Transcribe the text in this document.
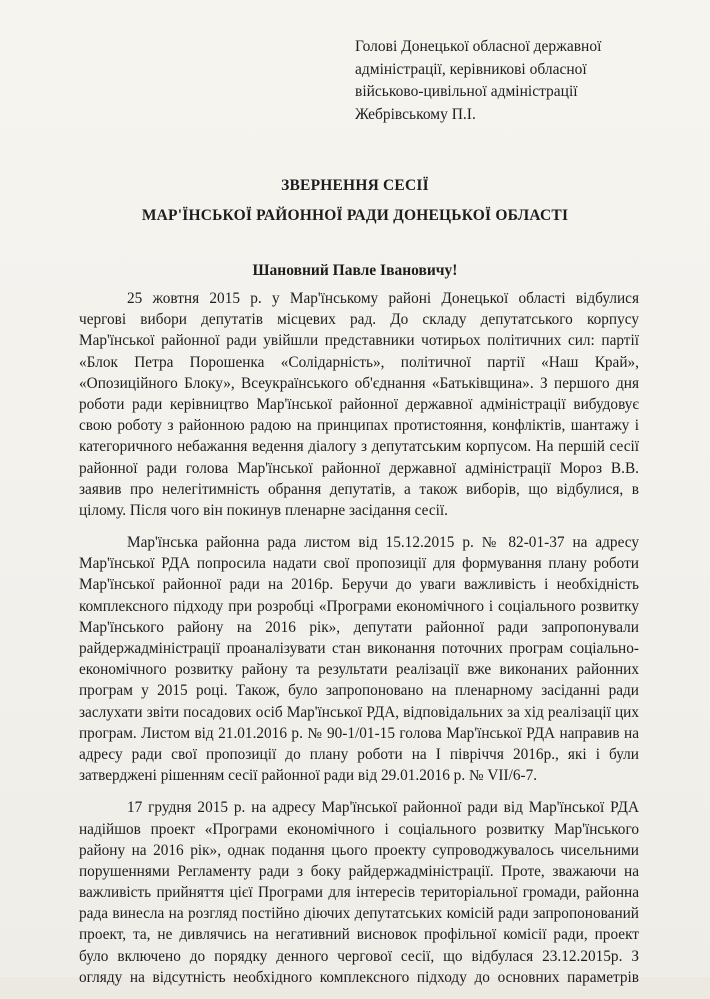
Голові Донецької обласної державної
адміністрації, керівникові обласної
військово-цивільної адміністрації
Жебрівському П.І.
ЗВЕРНЕННЯ СЕСІЇ
МАР'ЇНСЬКОЇ РАЙОННОЇ РАДИ ДОНЕЦЬКОЇ ОБЛАСТІ
Шановний Павле Івановичу!
25 жовтня 2015 р. у Мар'їнському районі Донецької області відбулися
чергові вибори депутатів місцевих рад. До складу депутатського корпусу
Мар'їнської районної ради увійшли представники чотирьох політичних сил: партії
«Блок Петра Порошенка «Солідарність», політичної партії «Наш Край»,
«Опозиційного Блоку», Всеукраїнського об'єднання «Батьківщина». З першого дня
роботи ради керівництво Мар'їнської районної державної адміністрації вибудовує
свою роботу з районною радою на принципах протистояння, конфліктів, шантажу і
категоричного небажання ведення діалогу з депутатським корпусом. На першій сесії
районної ради голова Мар'їнської районної державної адміністрації Мороз В.В.
заявив про нелегітимність обрання депутатів, а також виборів, що відбулися, в
цілому. Після чого він покинув пленарне засідання сесії.
Мар'їнська районна рада листом від 15.12.2015 р. № 82-01-37 на адресу
Мар'їнської РДА попросила надати свої пропозиції для формування плану роботи
Мар'їнської районної ради на 2016р. Беручи до уваги важливість і необхідність
комплексного підходу при розробці «Програми економічного і соціального розвитку
Мар'їнського району на 2016 рік», депутати районної ради запропонували
райдержадміністрації проаналізувати стан виконання поточних програм соціально-
економічного розвитку району та результати реалізації вже виконаних районних
програм у 2015 році. Також, було запропоновано на пленарному засіданні ради
заслухати звіти посадових осіб Мар'їнської РДА, відповідальних за хід реалізації цих
програм. Листом від 21.01.2016 р. № 90-1/01-15 голова Мар'їнської РДА направив на
адресу ради свої пропозиції до плану роботи на І півріччя 2016р., які і були
затверджені рішенням сесії районної ради від 29.01.2016 р. № VII/6-7.
17 грудня 2015 р. на адресу Мар'їнської районної ради від Мар'їнської РДА
надійшов проект «Програми економічного і соціального розвитку Мар'їнського
району на 2016 рік», однак подання цього проекту супроводжувалось чисельними
порушеннями Регламенту ради з боку райдержадміністрації. Проте, зважаючи на
важливість прийняття цієї Програми для інтересів територіальної громади, районна
рада винесла на розгляд постійно діючих депутатських комісій ради запропонований
проект, та, не дивлячись на негативний висновок профільної комісії ради, проект
було включено до порядку денного чергової сесії, що відбулася 23.12.2015р. З
огляду на відсутність необхідного комплексного підходу до основних параметрів
